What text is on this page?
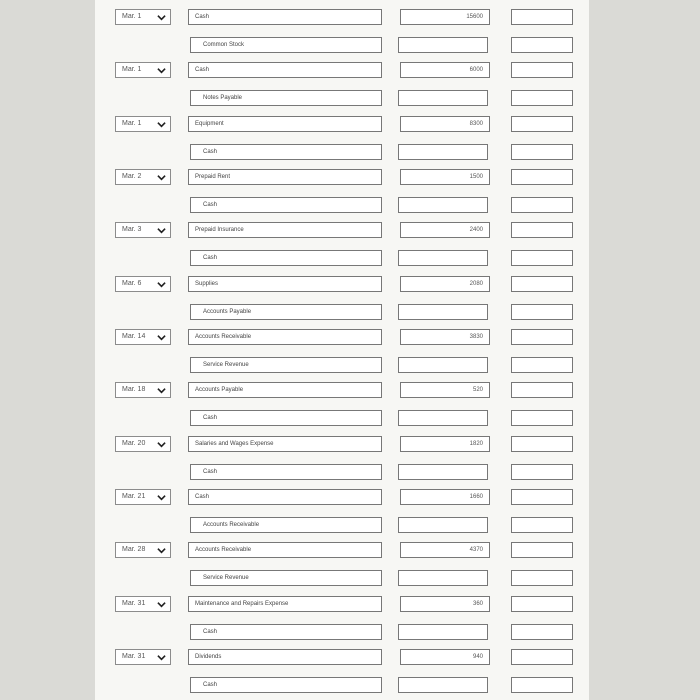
Mar. 1	Cash	15600
Common Stock
Mar. 1	Cash	6000
Notes Payable
Mar. 1	Equipment	8300
Cash
Mar. 2	Prepaid Rent	1500
Cash
Mar. 3	Prepaid Insurance	2400
Cash
Mar. 6	Supplies	2080
Accounts Payable
Mar. 14	Accounts Receivable	3830
Service Revenue
Mar. 18	Accounts Payable	520
Cash
Mar. 20	Salaries and Wages Expense	1820
Cash
Mar. 21	Cash	1660
Accounts Receivable
Mar. 28	Accounts Receivable	4370
Service Revenue
Mar. 31	Maintenance and Repairs Expense	360
Cash
Mar. 31	Dividends	940
Cash
